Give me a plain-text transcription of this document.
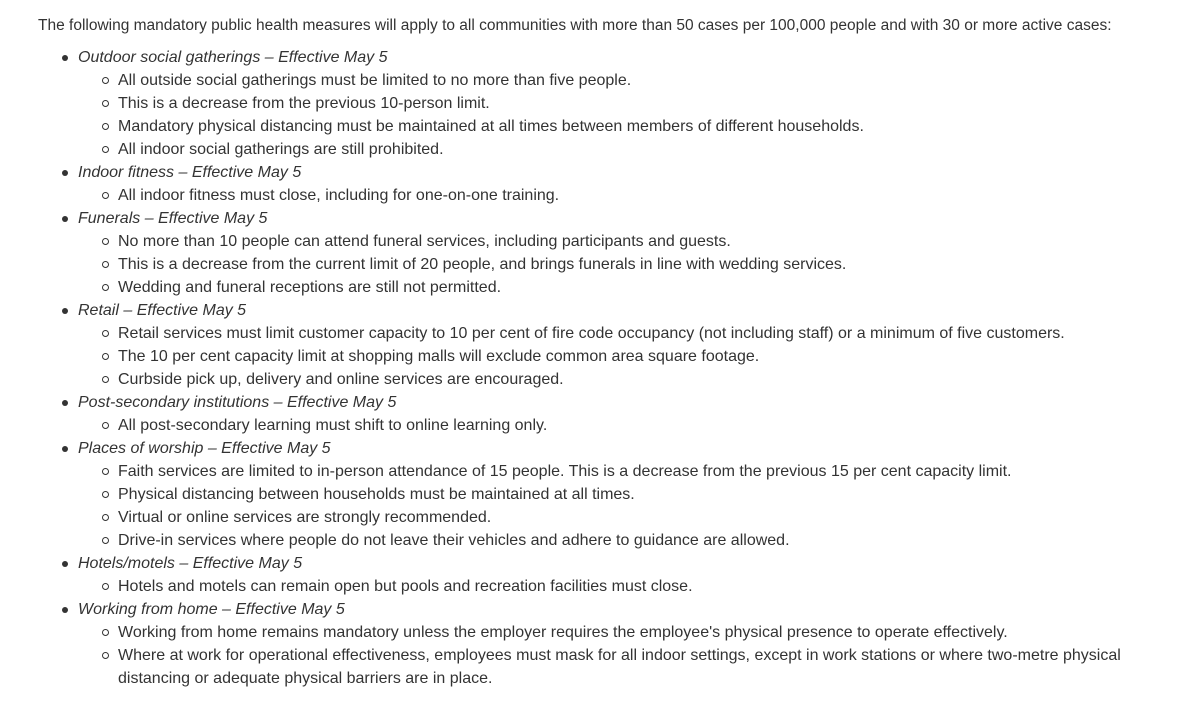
The following mandatory public health measures will apply to all communities with more than 50 cases per 100,000 people and with 30 or more active cases:

Outdoor social gatherings – Effective May 5
All outside social gatherings must be limited to no more than five people.
This is a decrease from the previous 10-person limit.
Mandatory physical distancing must be maintained at all times between members of different households.
All indoor social gatherings are still prohibited.
Indoor fitness – Effective May 5
All indoor fitness must close, including for one-on-one training.
Funerals – Effective May 5
No more than 10 people can attend funeral services, including participants and guests.
This is a decrease from the current limit of 20 people, and brings funerals in line with wedding services.
Wedding and funeral receptions are still not permitted.
Retail – Effective May 5
Retail services must limit customer capacity to 10 per cent of fire code occupancy (not including staff) or a minimum of five customers.
The 10 per cent capacity limit at shopping malls will exclude common area square footage.
Curbside pick up, delivery and online services are encouraged.
Post-secondary institutions – Effective May 5
All post-secondary learning must shift to online learning only.
Places of worship – Effective May 5
Faith services are limited to in-person attendance of 15 people. This is a decrease from the previous 15 per cent capacity limit.
Physical distancing between households must be maintained at all times.
Virtual or online services are strongly recommended.
Drive-in services where people do not leave their vehicles and adhere to guidance are allowed.
Hotels/motels – Effective May 5
Hotels and motels can remain open but pools and recreation facilities must close.
Working from home – Effective May 5
Working from home remains mandatory unless the employer requires the employee's physical presence to operate effectively.
Where at work for operational effectiveness, employees must mask for all indoor settings, except in work stations or where two-metre physical distancing or adequate physical barriers are in place.
